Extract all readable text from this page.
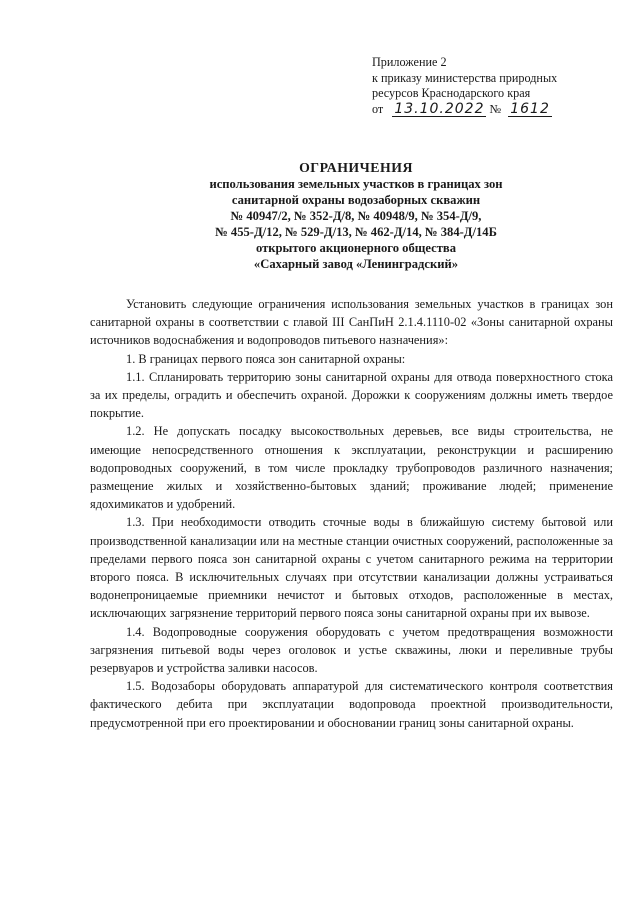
Приложение 2
к приказу министерства природных
ресурсов Краснодарского края
от 13.10.2022 № 1612
ОГРАНИЧЕНИЯ
использования земельных участков в границах зон
санитарной охраны водозаборных скважин
№ 40947/2, № 352-Д/8, № 40948/9, № 354-Д/9,
№ 455-Д/12, № 529-Д/13, № 462-Д/14, № 384-Д/14Б
открытого акционерного общества
«Сахарный завод «Ленинградский»

Установить следующие ограничения использования земельных участков в границах зон санитарной охраны в соответствии с главой III СанПиН 2.1.4.1110-02 «Зоны санитарной охраны источников водоснабжения и водопроводов питьевого назначения»:

1. В границах первого пояса зон санитарной охраны:

1.1. Спланировать территорию зоны санитарной охраны для отвода поверхностного стока за их пределы, оградить и обеспечить охраной. Дорожки к сооружениям должны иметь твердое покрытие.

1.2. Не допускать посадку высокоствольных деревьев, все виды строительства, не имеющие непосредственного отношения к эксплуатации, реконструкции и расширению водопроводных сооружений, в том числе прокладку трубопроводов различного назначения; размещение жилых и хозяйственно-бытовых зданий; проживание людей; применение ядохимикатов и удобрений.

1.3. При необходимости отводить сточные воды в ближайшую систему бытовой или производственной канализации или на местные станции очистных сооружений, расположенные за пределами первого пояса зон санитарной охраны с учетом санитарного режима на территории второго пояса. В исключительных случаях при отсутствии канализации должны устраиваться водонепроницаемые приемники нечистот и бытовых отходов, расположенные в местах, исключающих загрязнение территорий первого пояса зоны санитарной охраны при их вывозе.

1.4. Водопроводные сооружения оборудовать с учетом предотвращения возможности загрязнения питьевой воды через оголовок и устье скважины, люки и переливные трубы резервуаров и устройства заливки насосов.

1.5. Водозаборы оборудовать аппаратурой для систематического контроля соответствия фактического дебита при эксплуатации водопровода проектной производительности, предусмотренной при его проектировании и обосновании границ зоны санитарной охраны.
